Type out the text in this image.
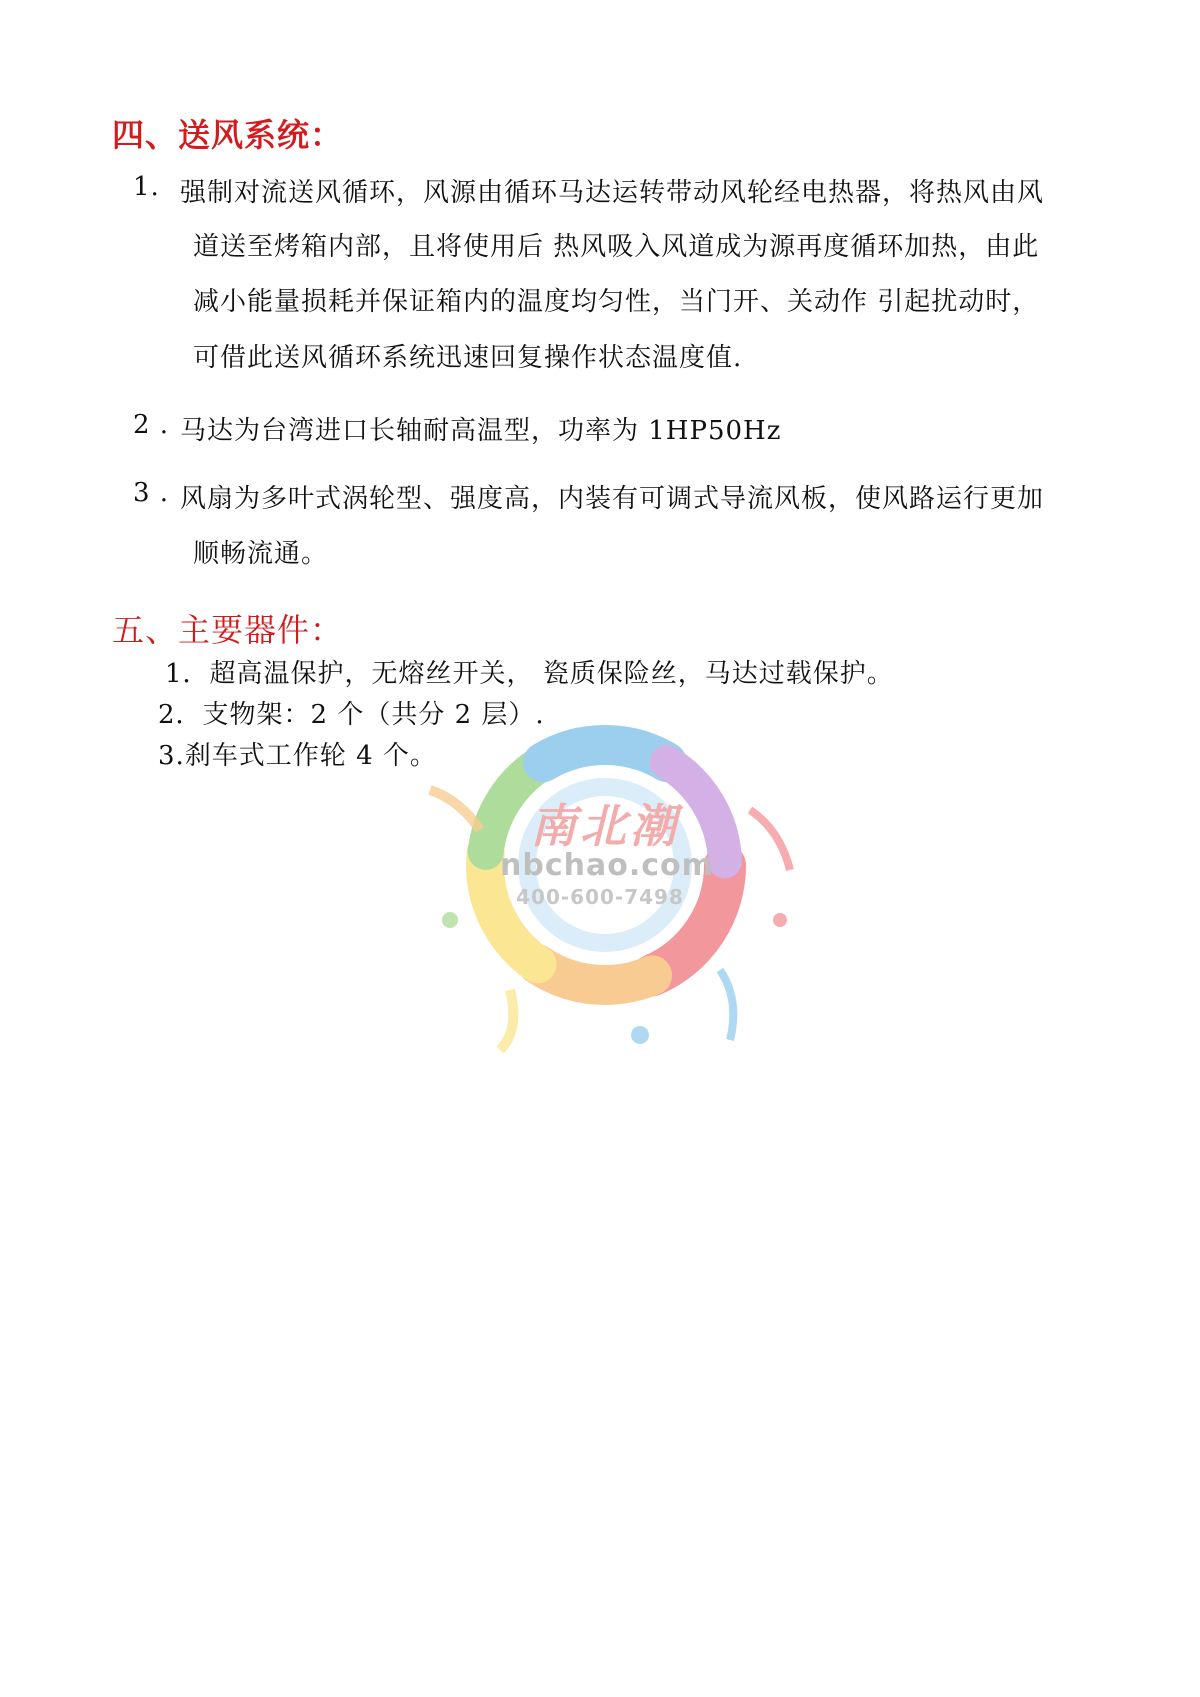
南北潮
nbchao.com
400-600-7498
四、送风系统：
1. 强制对流送风循环，风源由循环马达运转带动风轮经电热器，将热风由风
道送至烤箱内部，且将使用后 热风吸入风道成为源再度循环加热，由此
减小能量损耗并保证箱内的温度均匀性，当门开、关动作 引起扰动时，
可借此送风循环系统迅速回复操作状态温度值.
2 . 马达为台湾进口长轴耐高温型，功率为 1HP50Hz
3 . 风扇为多叶式涡轮型、强度高，内装有可调式导流风板，使风路运行更加
顺畅流通。
五、主要器件：
1．超高温保护，无熔丝开关， 瓷质保险丝，马达过载保护。
2．支物架：2 个（共分 2 层）.
3.刹车式工作轮 4 个。
